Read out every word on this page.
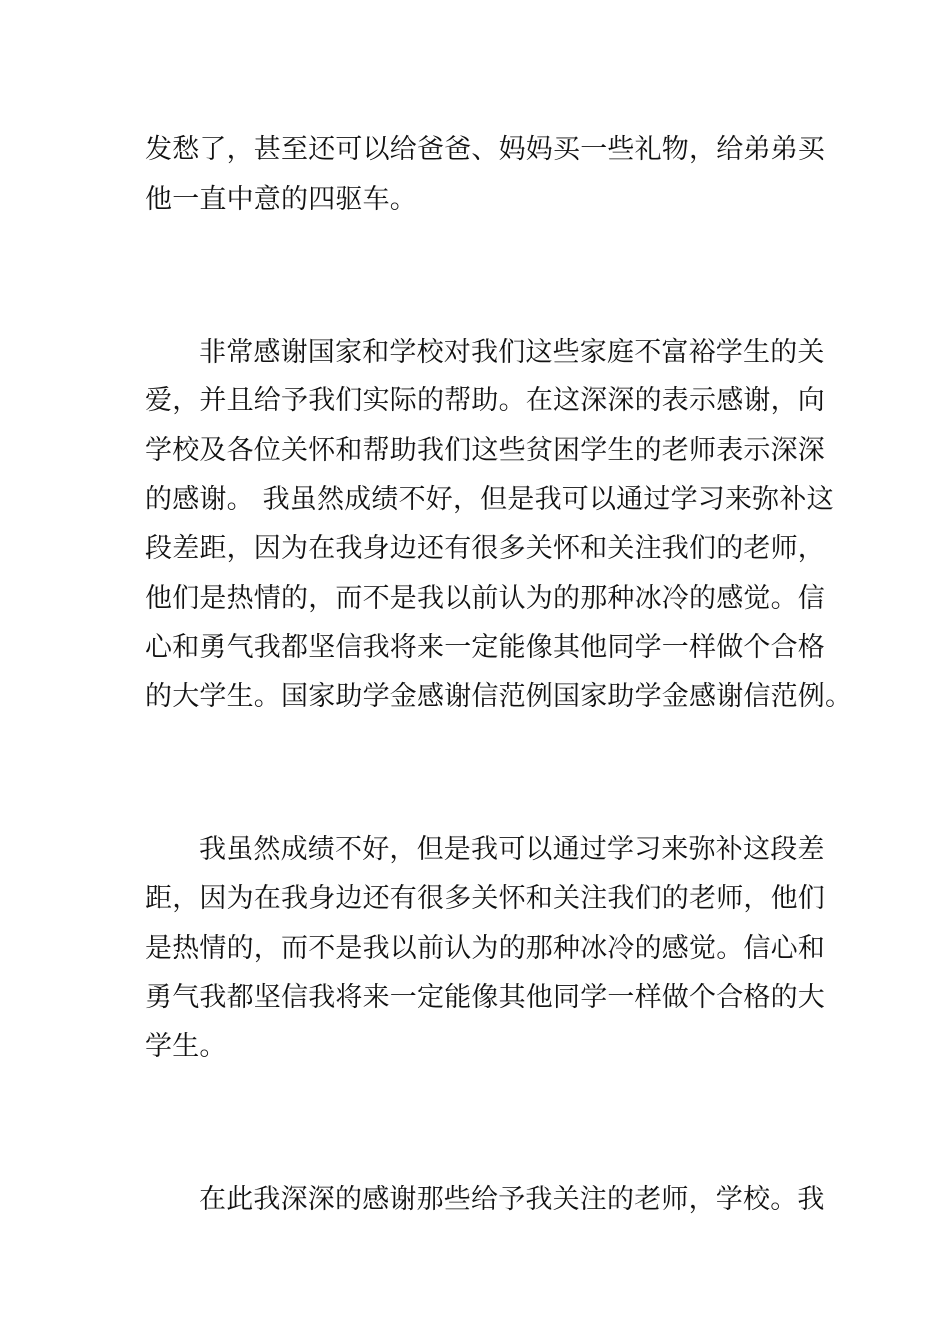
发愁了，甚至还可以给爸爸、妈妈买一些礼物，给弟弟买
他一直中意的四驱车。
非常感谢国家和学校对我们这些家庭不富裕学生的关
爱，并且给予我们实际的帮助。在这深深的表示感谢，向
学校及各位关怀和帮助我们这些贫困学生的老师表示深深
的感谢。 我虽然成绩不好，但是我可以通过学习来弥补这
段差距，因为在我身边还有很多关怀和关注我们的老师，
他们是热情的，而不是我以前认为的那种冰冷的感觉。信
心和勇气我都坚信我将来一定能像其他同学一样做个合格
的大学生。国家助学金感谢信范例国家助学金感谢信范例。
我虽然成绩不好，但是我可以通过学习来弥补这段差
距，因为在我身边还有很多关怀和关注我们的老师，他们
是热情的，而不是我以前认为的那种冰冷的感觉。信心和
勇气我都坚信我将来一定能像其他同学一样做个合格的大
学生。
在此我深深的感谢那些给予我关注的老师，学校。我
